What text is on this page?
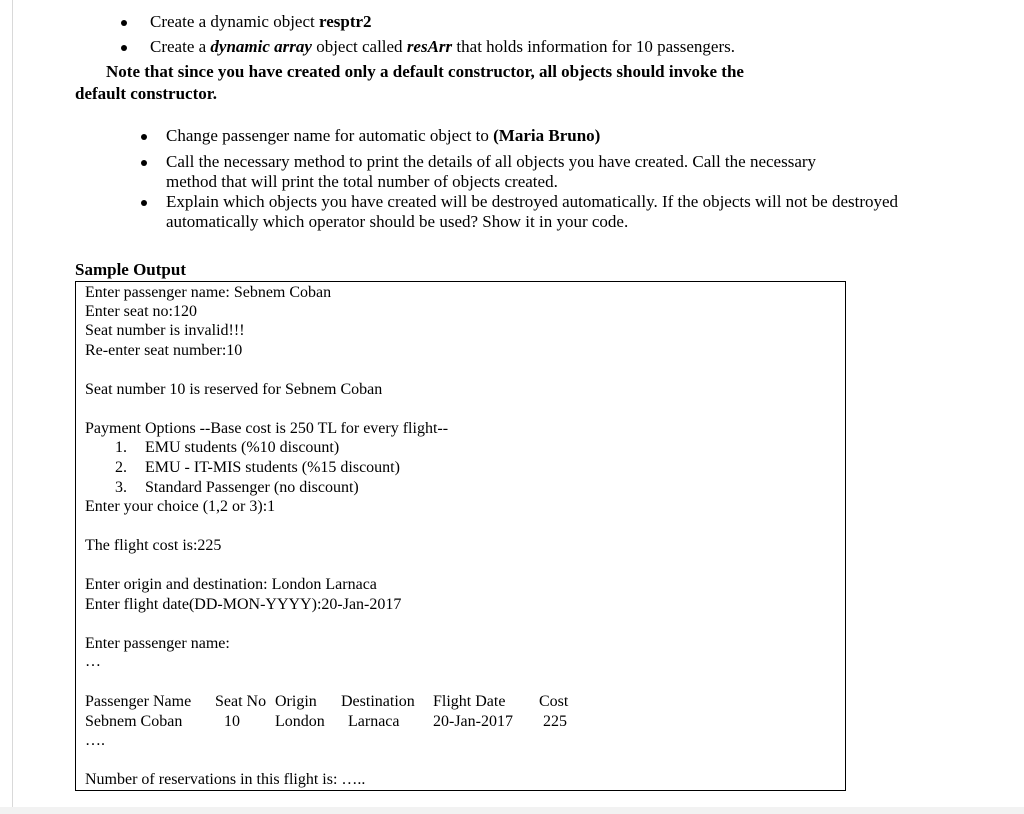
Create a dynamic object resptr2
Create a dynamic array object called resArr that holds information for 10 passengers.
Note that since you have created only a default constructor, all objects should invoke the
default constructor.
Change passenger name for automatic object to (Maria Bruno)
Call the necessary method to print the details of all objects you have created. Call the necessary
method that will print the total number of objects created.
Explain which objects you have created will be destroyed automatically. If the objects will not be destroyed
automatically which operator should be used? Show it in your code.
Sample Output
Enter passenger name: Sebnem Coban
Enter seat no:120
Seat number is invalid!!!
Re-enter seat number:10
Seat number 10 is reserved for Sebnem Coban
Payment Options --Base cost is 250 TL for every flight--
1. EMU students (%10 discount)
2. EMU - IT-MIS students (%15 discount)
3. Standard Passenger (no discount)
Enter your choice (1,2 or 3):1
The flight cost is:225
Enter origin and destination: London Larnaca
Enter flight date(DD-MON-YYYY):20-Jan-2017
Enter passenger name:
…
Passenger Name Seat No Origin Destination Flight Date Cost
Sebnem Coban	10 London Larnaca 20-Jan-2017 225
….
Number of reservations in this flight is: …..
